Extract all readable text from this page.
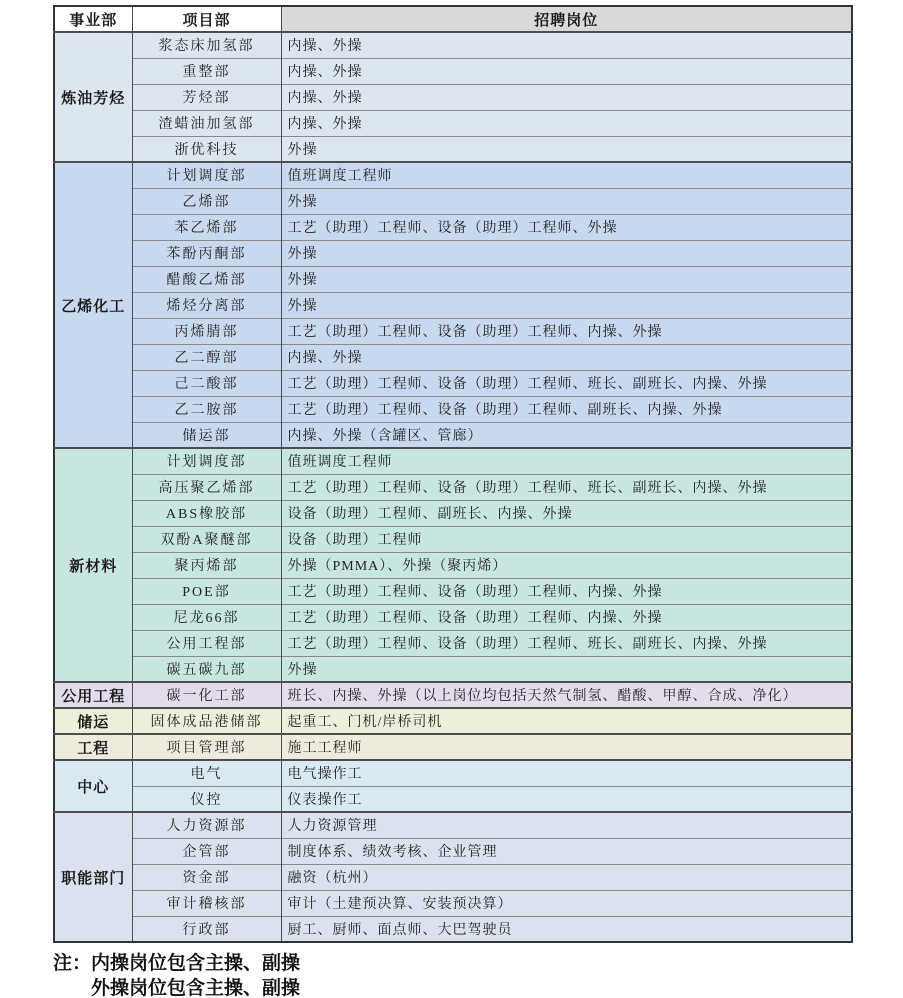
事业部	项目部	招聘岗位
炼油芳烃	浆态床加氢部	内操、外操
	重整部	内操、外操
	芳烃部	内操、外操
	渣蜡油加氢部	内操、外操
	浙优科技	外操
乙烯化工	计划调度部	值班调度工程师
	乙烯部	外操
	苯乙烯部	工艺（助理）工程师、设备（助理）工程师、外操
	苯酚丙酮部	外操
	醋酸乙烯部	外操
	烯烃分离部	外操
	丙烯腈部	工艺（助理）工程师、设备（助理）工程师、内操、外操
	乙二醇部	内操、外操
	己二酸部	工艺（助理）工程师、设备（助理）工程师、班长、副班长、内操、外操
	乙二胺部	工艺（助理）工程师、设备（助理）工程师、副班长、内操、外操
	储运部	内操、外操（含罐区、管廊）
新材料	计划调度部	值班调度工程师
	高压聚乙烯部	工艺（助理）工程师、设备（助理）工程师、班长、副班长、内操、外操
	ABS橡胶部	设备（助理）工程师、副班长、内操、外操
	双酚A聚醚部	设备（助理）工程师
	聚丙烯部	外操（PMMA）、外操（聚丙烯）
	POE部	工艺（助理）工程师、设备（助理）工程师、内操、外操
	尼龙66部	工艺（助理）工程师、设备（助理）工程师、内操、外操
	公用工程部	工艺（助理）工程师、设备（助理）工程师、班长、副班长、内操、外操
	碳五碳九部	外操
公用工程	碳一化工部	班长、内操、外操（以上岗位均包括天然气制氢、醋酸、甲醇、合成、净化）
储运	固体成品港储部	起重工、门机/岸桥司机
工程	项目管理部	施工工程师
中心	电气	电气操作工
	仪控	仪表操作工
职能部门	人力资源部	人力资源管理
	企管部	制度体系、绩效考核、企业管理
	资金部	融资（杭州）
	审计稽核部	审计（土建预决算、安装预决算）
	行政部	厨工、厨师、面点师、大巴驾驶员
注： 内操岗位包含主操、副操
外操岗位包含主操、副操
